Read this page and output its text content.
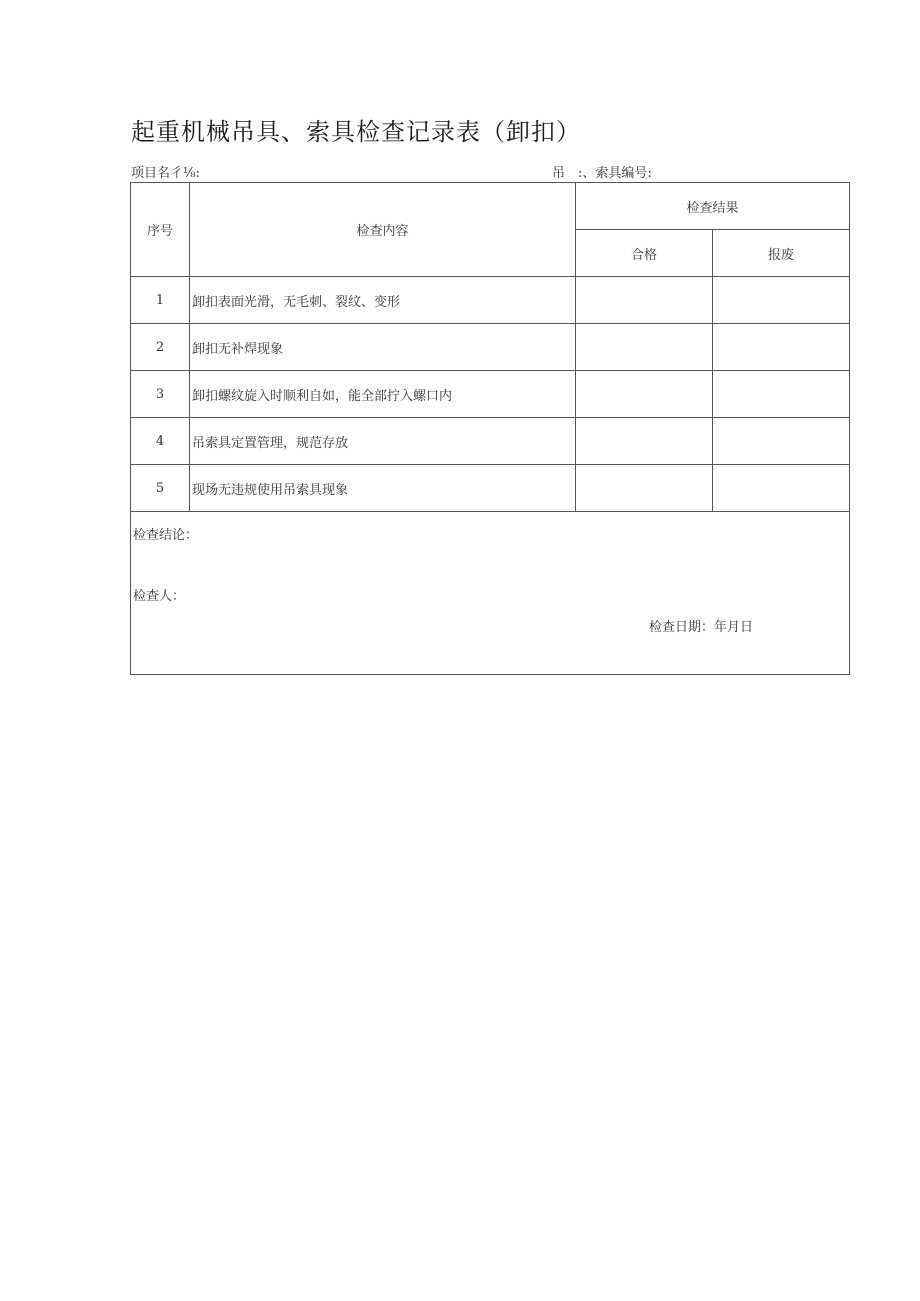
起重机械吊具、索具检查记录表（卸扣）
项目名彳⅛:	吊　:、索具编号:
序号	检查内容	检查结果	
		合格	报废
1	卸扣表面光滑，无毛刺、裂纹、变形		
2	卸扣无补焊现象		
3	卸扣螺纹旋入时顺利自如，能全部拧入螺口内		
4	吊索具定置管理，规范存放		
5	现场无违规使用吊索具现象		

检查结论：
检查人：
检查日期：年月日			
